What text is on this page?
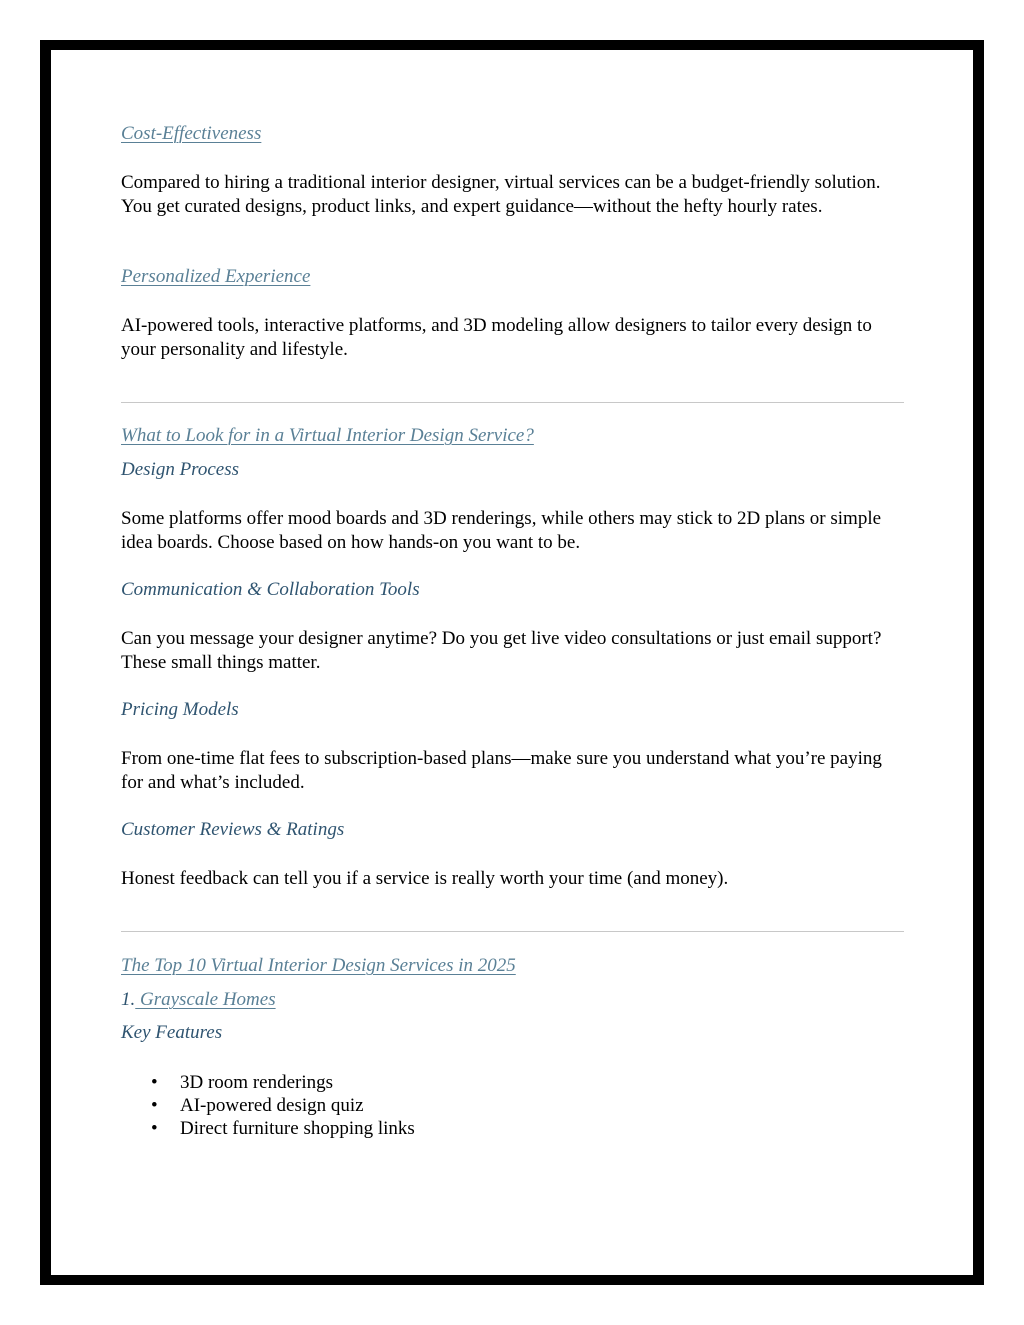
Cost-Effectiveness

Compared to hiring a traditional interior designer, virtual services can be a budget-friendly solution. You get curated designs, product links, and expert guidance—without the hefty hourly rates.

Personalized Experience

AI-powered tools, interactive platforms, and 3D modeling allow designers to tailor every design to your personality and lifestyle.

What to Look for in a Virtual Interior Design Service?
Design Process

Some platforms offer mood boards and 3D renderings, while others may stick to 2D plans or simple idea boards. Choose based on how hands-on you want to be.

Communication & Collaboration Tools

Can you message your designer anytime? Do you get live video consultations or just email support? These small things matter.

Pricing Models

From one-time flat fees to subscription-based plans—make sure you understand what you’re paying for and what’s included.

Customer Reviews & Ratings

Honest feedback can tell you if a service is really worth your time (and money).

The Top 10 Virtual Interior Design Services in 2025
1. Grayscale Homes
Key Features
• 3D room renderings
• AI-powered design quiz
• Direct furniture shopping links
